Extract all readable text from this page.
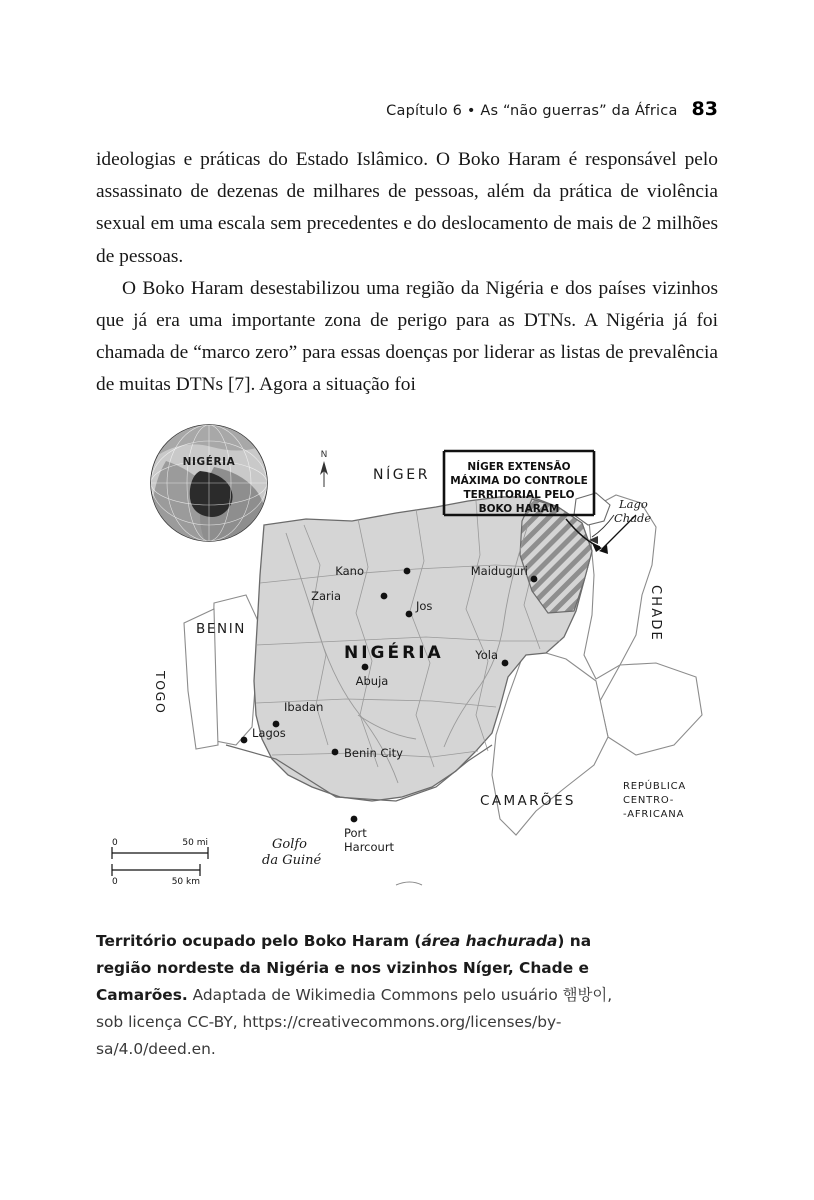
Capítulo 6 • As “não guerras” da África 83

ideologias e práticas do Estado Islâmico. O Boko Haram é responsável pelo assassinato de dezenas de milhares de pessoas, além da prática de violência sexual em uma escala sem precedentes e do deslocamento de mais de 2 milhões de pessoas.

O Boko Haram desestabilizou uma região da Nigéria e dos países vizinhos que já era uma importante zona de perigo para as DTNs. A Nigéria já foi chamada de “marco zero” para essas doenças por liderar as listas de prevalência de muitas DTNs [7]. Agora a situação foi

NIGÉRIA
N
NÍGER EXTENSÃO
MÁXIMA DO CONTROLE
TERRITORIAL PELO
BOKO HARAM
NÍGER
BENIN
TOGO
CHADE
CAMARÕES
NIGÉRIA
REPÚBLICA
CENTRO-
-AFRICANA
Lago
Chade
Golfo
da Guiné
Kano
Zaria
Jos
Maiduguri
Yola
Abuja
Ibadan
Lagos
Benin City
Port
Harcourt
0	50 mi
0	50 km
Território ocupado pelo Boko Haram (área hachurada) na região nordeste da Nigéria e nos vizinhos Níger, Chade e Camarões. Adaptada de Wikimedia Commons pelo usuário 햄방이, sob licença CC-BY, https://creativecommons.org/licenses/by-sa/4.0/deed.en.
